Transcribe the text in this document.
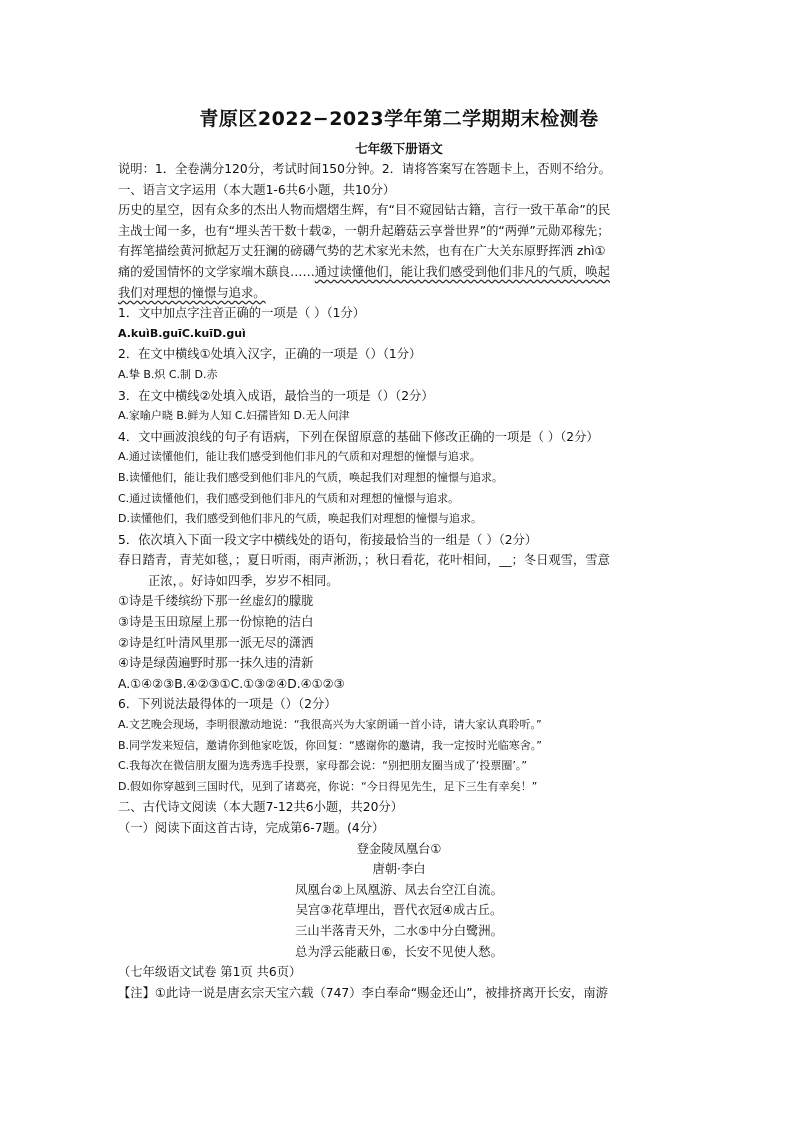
青原区2022−2023学年第二学期期末检测卷
七年级下册语文

说明：1．全卷满分120分，考试时间150分钟。2．请将答案写在答题卡上，否则不给分。

一、语言文字运用（本大题1-6共6小题，共10分）

历史的星空，因有众多的杰出人物而熠熠生辉，有“目不窥园钻古籍，言行一致干革命”的民

主战士闻一多，也有“埋头苦干数十载②，一朝升起蘑菇云享誉世界”的“两弹”元勋邓稼先；

有挥笔描绘黄河掀起万丈狂澜的磅礴气势的艺术家光未然，也有在广大关东原野挥洒 zhì①

痛的爱国情怀的文学家端木蕻良……通过读懂他们，能让我们感受到他们非凡的气质，唤起

我们对理想的憧憬与追求。

1．文中加点字注音正确的一项是（ ）（1分）

A.kuìB.guīC.kuīD.guì

2．在文中横线①处填入汉字，正确的一项是（）（1分）

A.挚 B.炽 C.制 D.赤

3．在文中横线②处填入成语，最恰当的一项是（）（2分）

A.家喻户晓 B.鲜为人知 C.妇孺皆知 D.无人问津

4．文中画波浪线的句子有语病，下列在保留原意的基础下修改正确的一项是（ ）（2分）

A.通过读懂他们，能让我们感受到他们非凡的气质和对理想的憧憬与追求。

B.读懂他们，能让我们感受到他们非凡的气质，唤起我们对理想的憧憬与追求。

C.通过读懂他们，我们感受到他们非凡的气质和对理想的憧憬与追求。

D.读懂他们，我们感受到他们非凡的气质，唤起我们对理想的憧憬与追求。

5．依次填入下面一段文字中横线处的语句，衔接最恰当的一组是（ ）（2分）

春日踏青，青芜如毯，；夏日听雨，雨声淅沥，；秋日看花，花叶相间，__；冬日观雪，雪意

正浓，。好诗如四季，岁岁不相同。

①诗是千缕缤纷下那一丝虚幻的朦胧

③诗是玉田琼屋上那一份惊艳的洁白

②诗是红叶清风里那一派无尽的潇洒

④诗是绿茵遍野时那一抹久违的清新

A.①④②③B.④②③①C.①③②④D.④①②③

6．下列说法最得体的一项是（）（2分）

A.文艺晚会现场，李明很激动地说：“我很高兴为大家朗诵一首小诗，请大家认真聆听。”

B.同学发来短信，邀请你到他家吃饭，你回复：“感谢你的邀请，我一定按时光临寒舍。”

C.我每次在微信朋友圈为选秀选手投票，家母都会说：“别把朋友圈当成了‘投票圈’。”

D.假如你穿越到三国时代，见到了诸葛亮，你说：“今日得见先生，足下三生有幸矣！”

二、古代诗文阅读（本大题7-12共6小题，共20分）

（一）阅读下面这首古诗，完成第6-7题。(4分）

登金陵凤凰台①

唐朝·李白

凤凰台②上凤凰游、凤去台空江自流。

吴宫③花草埋出，晋代衣冠④成古丘。

三山半落青天外，二水⑤中分白鹭洲。

总为浮云能蔽日⑥，长安不见使人愁。

（七年级语文试卷 第1页 共6页）

【注】①此诗一说是唐玄宗天宝六载（747）李白奉命“赐金还山”，被排挤离开长安，南游
